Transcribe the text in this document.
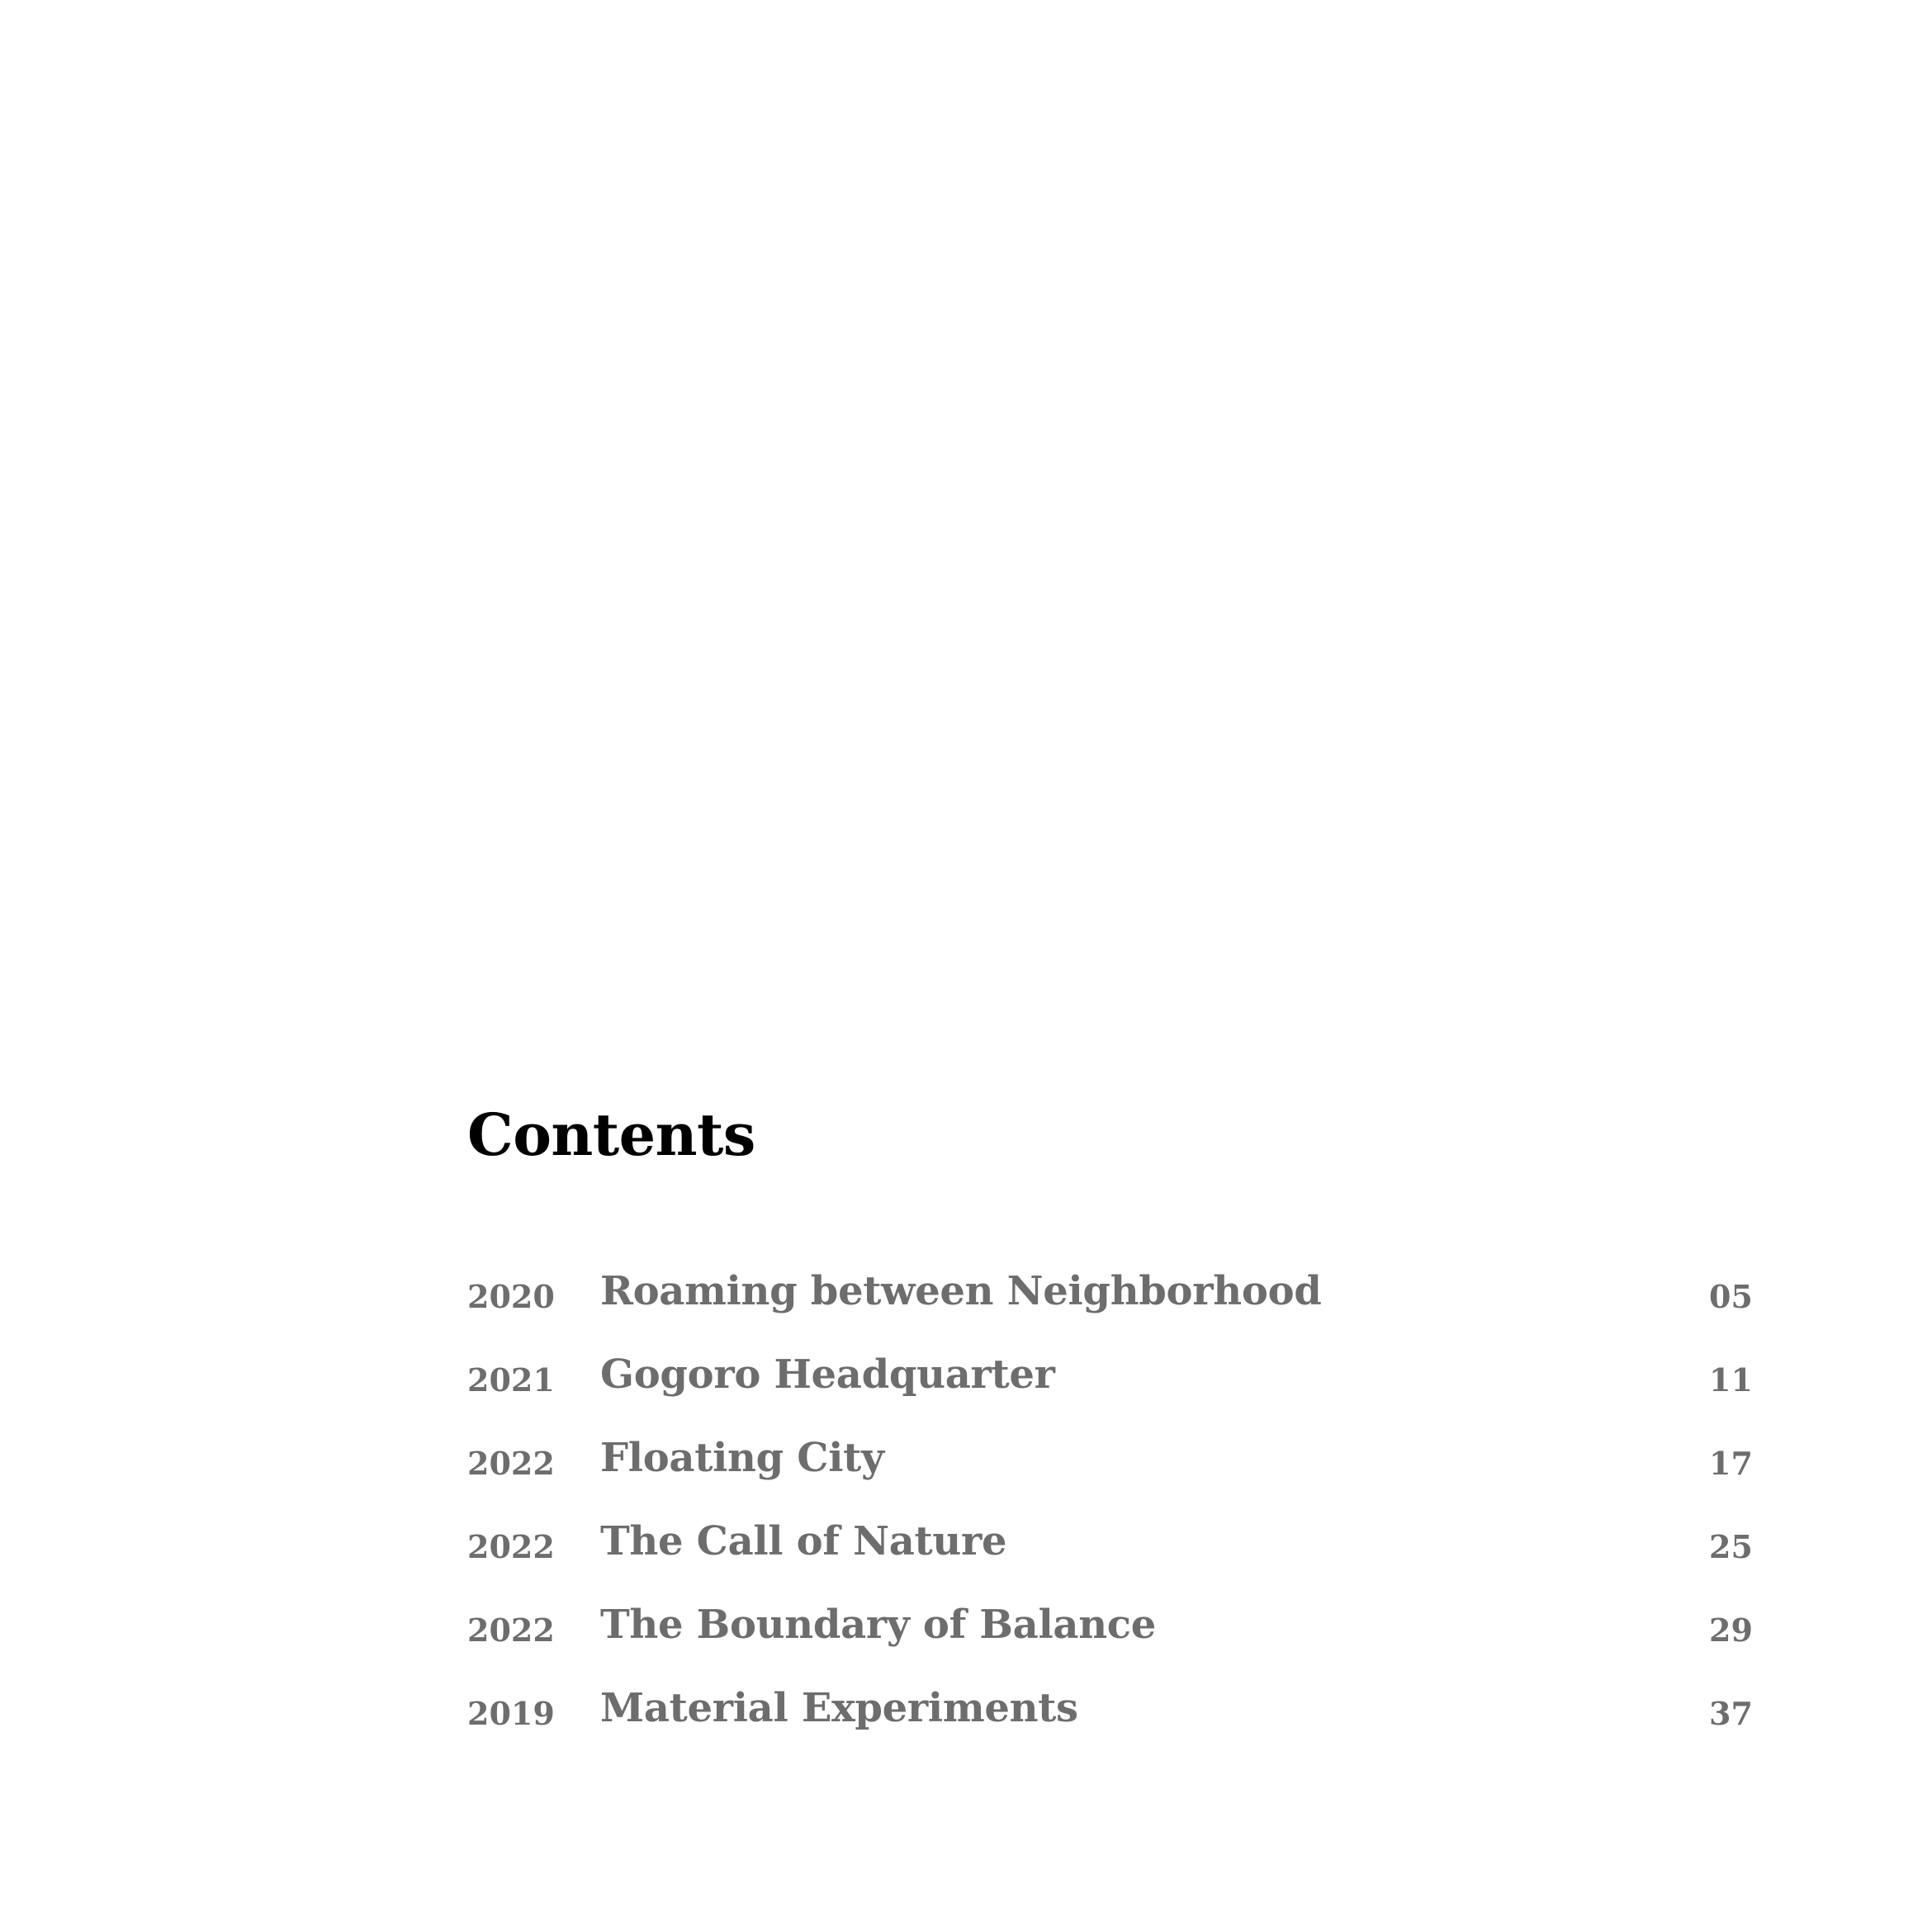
Contents
2020 Roaming between Neighborhood	05
2021 Gogoro Headquarter	11
2022 Floating City	17
2022 The Call of Nature	25
2022 The Boundary of Balance	29
2019 Material Experiments	37
